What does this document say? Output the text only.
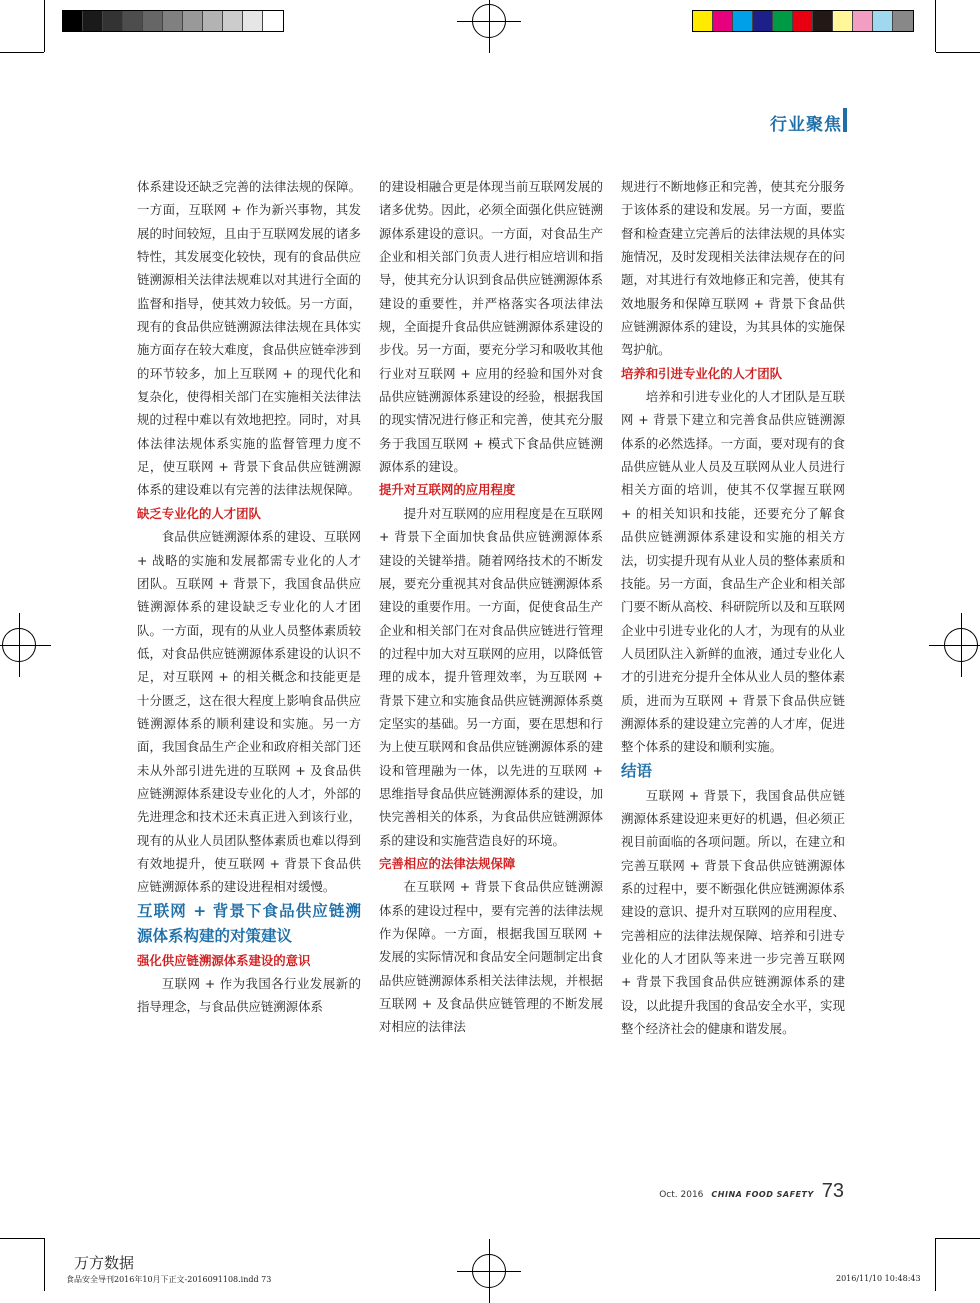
行业聚焦

体系建设还缺乏完善的法律法规的保障。一方面，互联网 + 作为新兴事物，其发展的时间较短，且由于互联网发展的诸多特性，其发展变化较快，现有的食品供应链溯源相关法律法规难以对其进行全面的监督和指导，使其效力较低。另一方面，现有的食品供应链溯源法律法规在具体实施方面存在较大难度，食品供应链牵涉到的环节较多，加上互联网 + 的现代化和复杂化，使得相关部门在实施相关法律法规的过程中难以有效地把控。同时，对具体法律法规体系实施的监督管理力度不足，使互联网 + 背景下食品供应链溯源体系的建设难以有完善的法律法规保障。

缺乏专业化的人才团队

食品供应链溯源体系的建设、互联网 + 战略的实施和发展都需专业化的人才团队。互联网 + 背景下，我国食品供应链溯源体系的建设缺乏专业化的人才团队。一方面，现有的从业人员整体素质较低，对食品供应链溯源体系建设的认识不足，对互联网 + 的相关概念和技能更是十分匮乏，这在很大程度上影响食品供应链溯源体系的顺利建设和实施。另一方面，我国食品生产企业和政府相关部门还未从外部引进先进的互联网 + 及食品供应链溯源体系建设专业化的人才，外部的先进理念和技术还未真正进入到该行业，现有的从业人员团队整体素质也难以得到有效地提升，使互联网 + 背景下食品供应链溯源体系的建设进程相对缓慢。

互联网 + 背景下食品供应链溯源体系构建的对策建议

强化供应链溯源体系建设的意识

互联网 + 作为我国各行业发展新的指导理念，与食品供应链溯源体系

的建设相融合更是体现当前互联网发展的诸多优势。因此，必须全面强化供应链溯源体系建设的意识。一方面，对食品生产企业和相关部门负责人进行相应培训和指导，使其充分认识到食品供应链溯源体系建设的重要性，并严格落实各项法律法规，全面提升食品供应链溯源体系建设的步伐。另一方面，要充分学习和吸收其他行业对互联网 + 应用的经验和国外对食品供应链溯源体系建设的经验，根据我国的现实情况进行修正和完善，使其充分服务于我国互联网 + 模式下食品供应链溯源体系的建设。

提升对互联网的应用程度

提升对互联网的应用程度是在互联网 + 背景下全面加快食品供应链溯源体系建设的关键举措。随着网络技术的不断发展，要充分重视其对食品供应链溯源体系建设的重要作用。一方面，促使食品生产企业和相关部门在对食品供应链进行管理的过程中加大对互联网的应用，以降低管理的成本，提升管理效率，为互联网 + 背景下建立和实施食品供应链溯源体系奠定坚实的基础。另一方面，要在思想和行为上使互联网和食品供应链溯源体系的建设和管理融为一体，以先进的互联网 + 思维指导食品供应链溯源体系的建设，加快完善相关的体系，为食品供应链溯源体系的建设和实施营造良好的环境。

完善相应的法律法规保障

在互联网 + 背景下食品供应链溯源体系的建设过程中，要有完善的法律法规作为保障。一方面，根据我国互联网 + 发展的实际情况和食品安全问题制定出食品供应链溯源体系相关法律法规，并根据互联网 + 及食品供应链管理的不断发展对相应的法律法

规进行不断地修正和完善，使其充分服务于该体系的建设和发展。另一方面，要监督和检查建立完善后的法律法规的具体实施情况，及时发现相关法律法规存在的问题，对其进行有效地修正和完善，使其有效地服务和保障互联网 + 背景下食品供应链溯源体系的建设，为其具体的实施保驾护航。

培养和引进专业化的人才团队

培养和引进专业化的人才团队是互联网 + 背景下建立和完善食品供应链溯源体系的必然选择。一方面，要对现有的食品供应链从业人员及互联网从业人员进行相关方面的培训，使其不仅掌握互联网 + 的相关知识和技能，还要充分了解食品供应链溯源体系建设和实施的相关方法，切实提升现有从业人员的整体素质和技能。另一方面，食品生产企业和相关部门要不断从高校、科研院所以及和互联网企业中引进专业化的人才，为现有的从业人员团队注入新鲜的血液，通过专业化人才的引进充分提升全体从业人员的整体素质，进而为互联网 + 背景下食品供应链溯源体系的建设建立完善的人才库，促进整个体系的建设和顺利实施。

结语

互联网 + 背景下，我国食品供应链溯源体系建设迎来更好的机遇，但必须正视目前面临的各项问题。所以，在建立和完善互联网 + 背景下食品供应链溯源体系的过程中，要不断强化供应链溯源体系建设的意识、提升对互联网的应用程度、完善相应的法律法规保障、培养和引进专业化的人才团队等来进一步完善互联网 + 背景下我国食品供应链溯源体系的建设，以此提升我国的食品安全水平，实现整个经济社会的健康和谐发展。

Oct. 2016 CHINA FOOD SAFETY 73
万方数据
食品安全导刊2016年10月下正文-2016091108.indd 73	2016/11/10 10:48:43
